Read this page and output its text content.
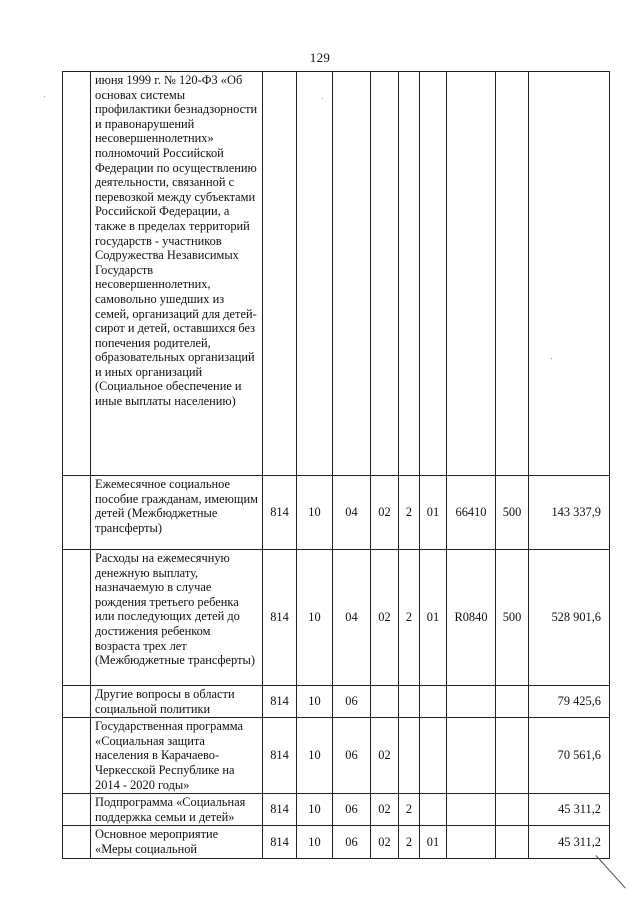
129
	июня 1999 г. № 120-ФЗ «Об основах системы профилактики безнадзорности и правонарушений несовершеннолетних» полномочий Российской Федерации по осуществлению деятельности, связанной с перевозкой между субъектами Российской Федерации, а также в пределах территорий государств - участников Содружества Независимых Государств несовершеннолетних, самовольно ушедших из семей, организаций для детей-сирот и детей, оставшихся без попечения родителей, образовательных организаций и иных организаций (Социальное обеспечение и иные выплаты населению)									
	Ежемесячное социальное пособие гражданам, имеющим детей (Межбюджетные трансферты)	814	10	04	02	2	01	66410	500	143 337,9
	Расходы на ежемесячную денежную выплату, назначаемую в случае рождения третьего ребенка или последующих детей до достижения ребенком возраста трех лет (Межбюджетные трансферты)	814	10	04	02	2	01	R0840	500	528 901,6
	Другие вопросы в области социальной политики	814	10	06						79 425,6
	Государственная программа «Социальная защита населения в Карачаево-Черкесской Республике на 2014 - 2020 годы»	814	10	06	02					70 561,6
	Подпрограмма «Социальная поддержка семьи и детей»	814	10	06	02	2				45 311,2
	Основное мероприятие «Меры социальной	814	10	06	02	2	01			45 311,2
